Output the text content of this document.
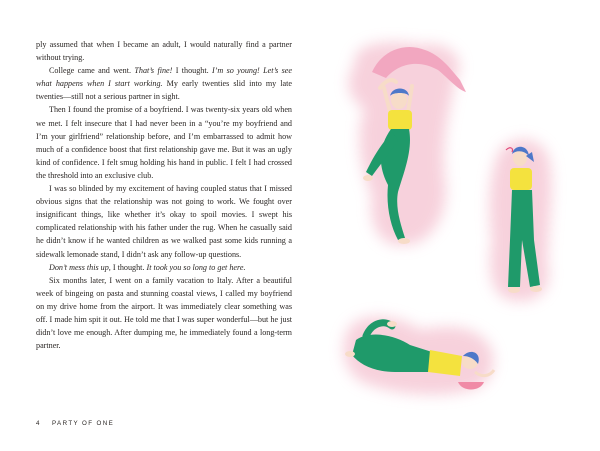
ply assumed that when I became an adult, I would naturally find a partner without trying.

College came and went. That’s fine! I thought. I’m so young! Let’s see what happens when I start working. My early twenties slid into my late twenties—still not a serious partner in sight.

Then I found the promise of a boyfriend. I was twenty-six years old when we met. I felt insecure that I had never been in a “you’re my boyfriend and I’m your girlfriend” relationship before, and I’m embarrassed to admit how much of a confidence boost that first relationship gave me. But it was an ugly kind of confidence. I felt smug holding his hand in public. I felt I had crossed the threshold into an exclusive club.

I was so blinded by my excitement of having coupled status that I missed obvious signs that the relationship was not going to work. We fought over insignificant things, like whether it’s okay to spoil movies. I swept his complicated relationship with his father under the rug. When he casually said he didn’t know if he wanted children as we walked past some kids running a sidewalk lemonade stand, I didn’t ask any follow-up questions.

Don’t mess this up, I thought. It took you so long to get here.

Six months later, I went on a family vacation to Italy. After a beautiful week of bingeing on pasta and stunning coastal views, I called my boyfriend on my drive home from the airport. It was immediately clear something was off. I made him spit it out. He told me that I was super wonderful—but he just didn’t love me enough. After dumping me, he immediately found a long-term partner.

4 PARTY OF ONE
